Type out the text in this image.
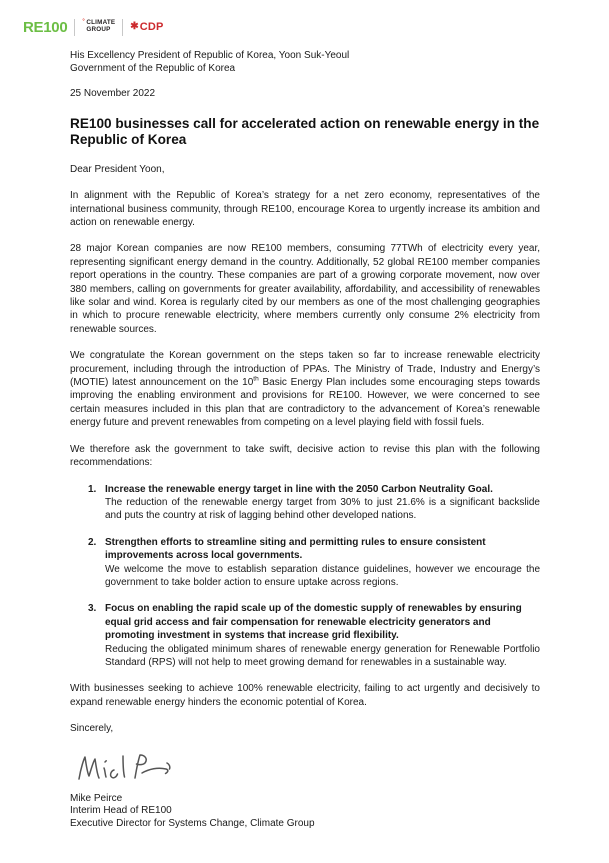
RE100	° CLIMATE
GROUP	✱ CDP
His Excellency President of Republic of Korea, Yoon Suk-Yeoul
Government of the Republic of Korea
25 November 2022
RE100 businesses call for accelerated action on renewable energy in the Republic of Korea

Dear President Yoon,

In alignment with the Republic of Korea’s strategy for a net zero economy, representatives of the international business community, through RE100, encourage Korea to urgently increase its ambition and action on renewable energy.

28 major Korean companies are now RE100 members, consuming 77TWh of electricity every year, representing significant energy demand in the country. Additionally, 52 global RE100 member companies report operations in the country. These companies are part of a growing corporate movement, now over 380 members, calling on governments for greater availability, affordability, and accessibility of renewables like solar and wind. Korea is regularly cited by our members as one of the most challenging geographies in which to procure renewable electricity, where members currently only consume 2% electricity from renewable sources.

We congratulate the Korean government on the steps taken so far to increase renewable electricity procurement, including through the introduction of PPAs. The Ministry of Trade, Industry and Energy’s (MOTIE) latest announcement on the 10th Basic Energy Plan includes some encouraging steps towards improving the enabling environment and provisions for RE100. However, we were concerned to see certain measures included in this plan that are contradictory to the advancement of Korea’s renewable energy future and prevent renewables from competing on a level playing field with fossil fuels.

We therefore ask the government to take swift, decisive action to revise this plan with the following recommendations:

1. Increase the renewable energy target in line with the 2050 Carbon Neutrality Goal.
The reduction of the renewable energy target from 30% to just 21.6% is a significant backslide and puts the country at risk of lagging behind other developed nations.
2. Strengthen efforts to streamline siting and permitting rules to ensure consistent improvements across local governments.
We welcome the move to establish separation distance guidelines, however we encourage the government to take bolder action to ensure uptake across regions.
3. Focus on enabling the rapid scale up of the domestic supply of renewables by ensuring equal grid access and fair compensation for renewable electricity generators and promoting investment in systems that increase grid flexibility.
Reducing the obligated minimum shares of renewable energy generation for Renewable Portfolio Standard (RPS) will not help to meet growing demand for renewables in a sustainable way.

With businesses seeking to achieve 100% renewable electricity, failing to act urgently and decisively to expand renewable energy hinders the economic potential of Korea.

Sincerely,

Mike Peirce
Interim Head of RE100
Executive Director for Systems Change, Climate Group
